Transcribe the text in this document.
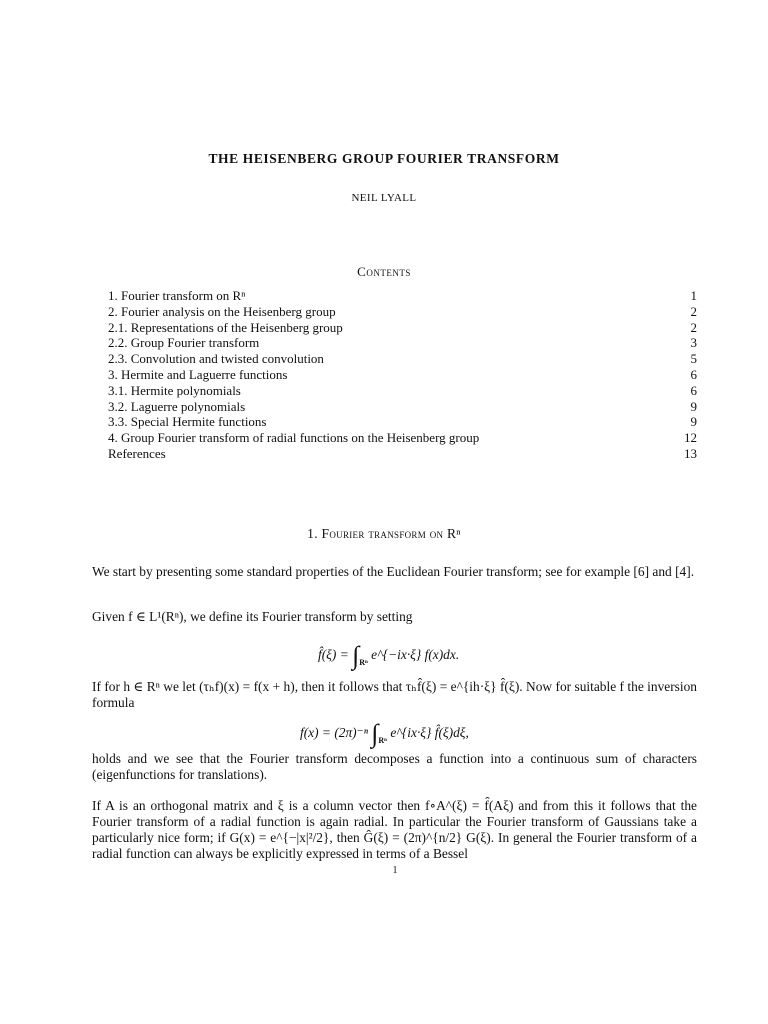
THE HEISENBERG GROUP FOURIER TRANSFORM
NEIL LYALL
Contents
1. Fourier transform on Rⁿ	1
2. Fourier analysis on the Heisenberg group	2
2.1. Representations of the Heisenberg group	2
2.2. Group Fourier transform	3
2.3. Convolution and twisted convolution	5
3. Hermite and Laguerre functions	6
3.1. Hermite polynomials	6
3.2. Laguerre polynomials	9
3.3. Special Hermite functions	9
4. Group Fourier transform of radial functions on the Heisenberg group	12
References	13
1. Fourier transform on Rⁿ
We start by presenting some standard properties of the Euclidean Fourier transform; see for example [6] and [4].
Given f ∈ L¹(Rⁿ), we define its Fourier transform by setting
f̂(ξ) = $\int_{R^n}$ e^{−ix·ξ} f(x)dx.
If for h ∈ Rⁿ we let (τₕf)(x) = f(x + h), then it follows that τₕf̂(ξ) = e^{ih·ξ} f̂(ξ). Now for suitable f the inversion formula
f(x) = (2π)⁻ⁿ $\int_{R^n}$ e^{ix·ξ} f̂(ξ)dξ,
holds and we see that the Fourier transform decomposes a function into a continuous sum of characters (eigenfunctions for translations).
If A is an orthogonal matrix and ξ is a column vector then f∘A^(ξ) = f̂(Aξ) and from this it follows that the Fourier transform of a radial function is again radial. In particular the Fourier transform of Gaussians take a particularly nice form; if G(x) = e^{−|x|²/2}, then Ĝ(ξ) = (2π)^{n/2} G(ξ). In general the Fourier transform of a radial function can always be explicitly expressed in terms of a Bessel
1
